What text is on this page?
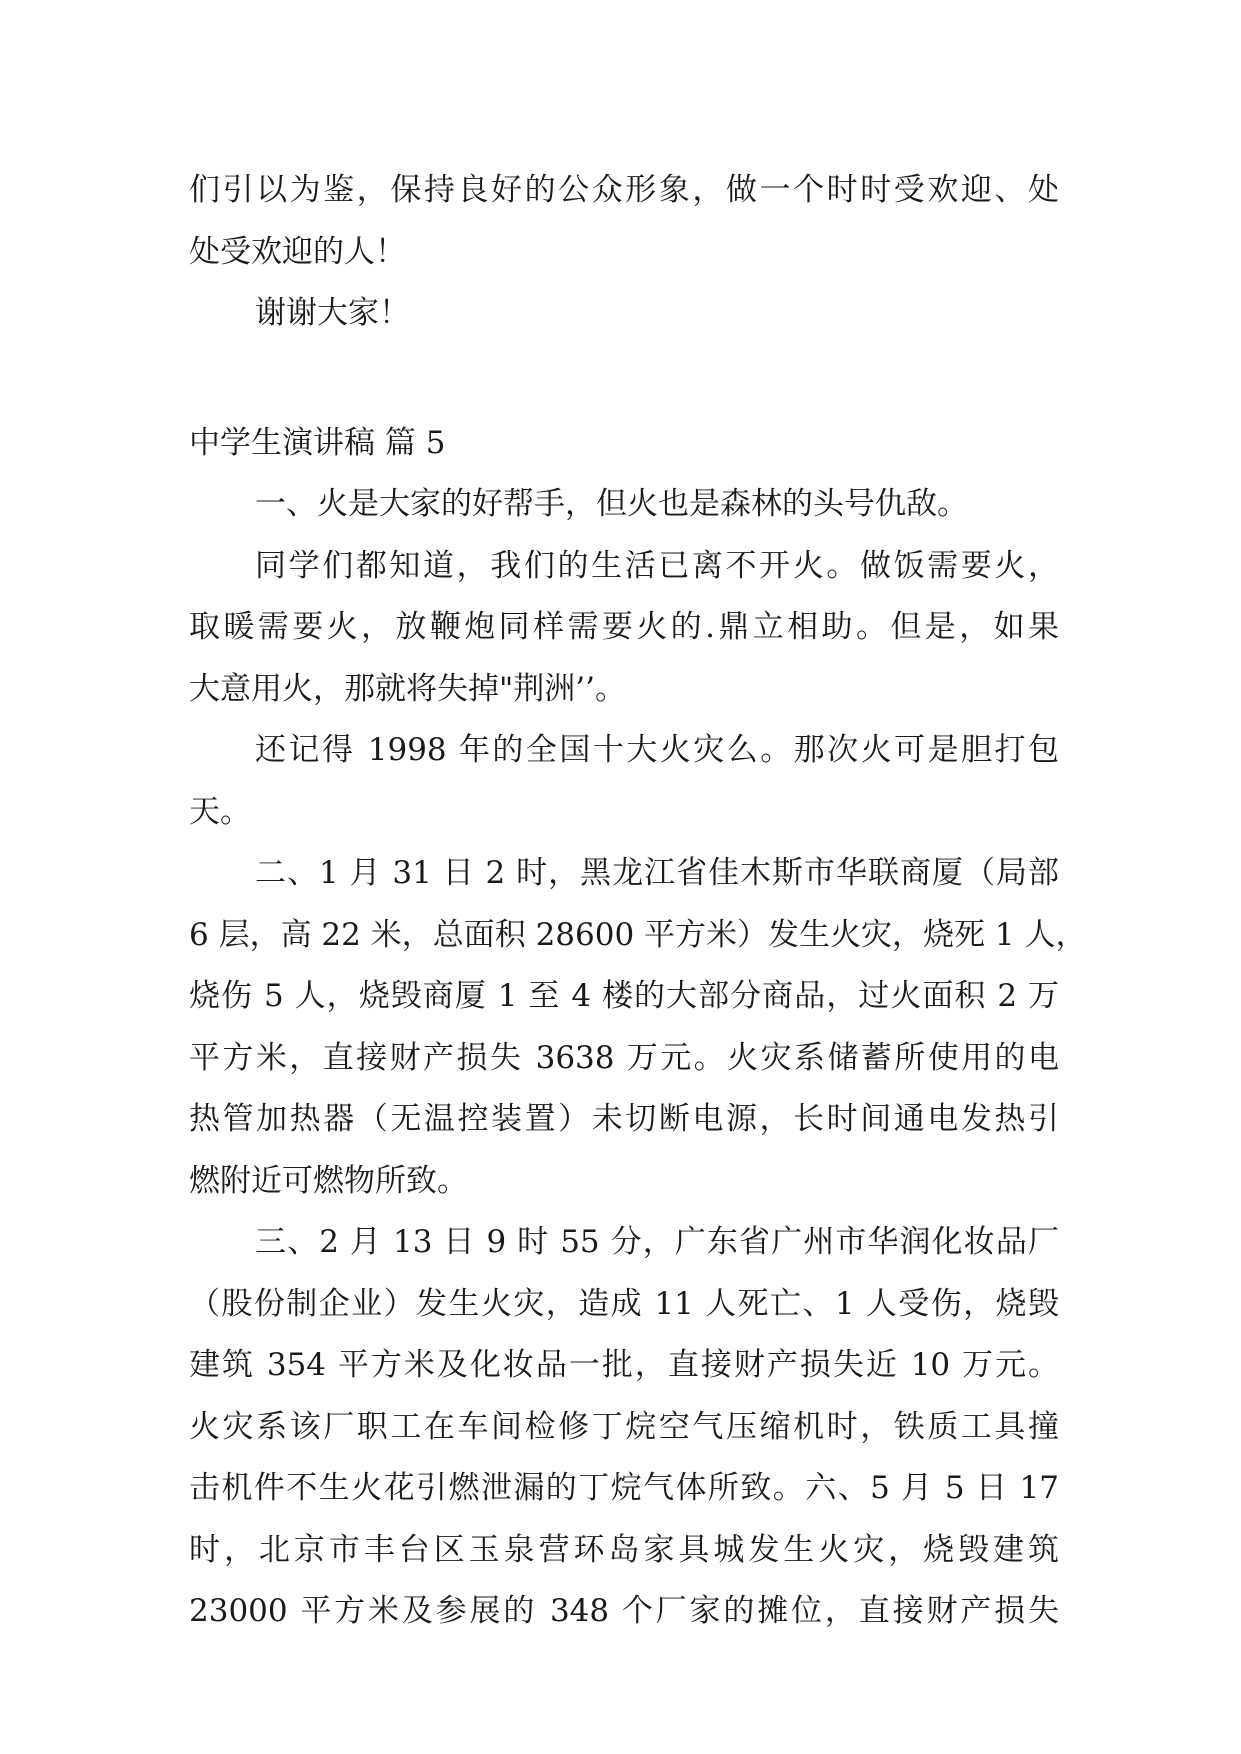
们引以为鉴，保持良好的公众形象，做一个时时受欢迎、处
处受欢迎的人！
谢谢大家！
中学生演讲稿 篇 5
一、火是大家的好帮手，但火也是森林的头号仇敌。
同学们都知道，我们的生活已离不开火。做饭需要火，
取暖需要火，放鞭炮同样需要火的.鼎立相助。但是，如果
大意用火，那就将失掉"荆洲’’。
还记得 1998 年的全国十大火灾么。那次火可是胆打包
天。
二、1 月 31 日 2 时，黑龙江省佳木斯市华联商厦（局部
6 层，高 22 米，总面积 28600 平方米）发生火灾，烧死 1 人，
烧伤 5 人，烧毁商厦 1 至 4 楼的大部分商品，过火面积 2 万
平方米，直接财产损失 3638 万元。火灾系储蓄所使用的电
热管加热器（无温控装置）未切断电源，长时间通电发热引
燃附近可燃物所致。
三、2 月 13 日 9 时 55 分，广东省广州市华润化妆品厂
（股份制企业）发生火灾，造成 11 人死亡、1 人受伤，烧毁
建筑 354 平方米及化妆品一批，直接财产损失近 10 万元。
火灾系该厂职工在车间检修丁烷空气压缩机时，铁质工具撞
击机件不生火花引燃泄漏的丁烷气体所致。六、5 月 5 日 17
时，北京市丰台区玉泉营环岛家具城发生火灾，烧毁建筑
23000 平方米及参展的 348 个厂家的摊位，直接财产损失
